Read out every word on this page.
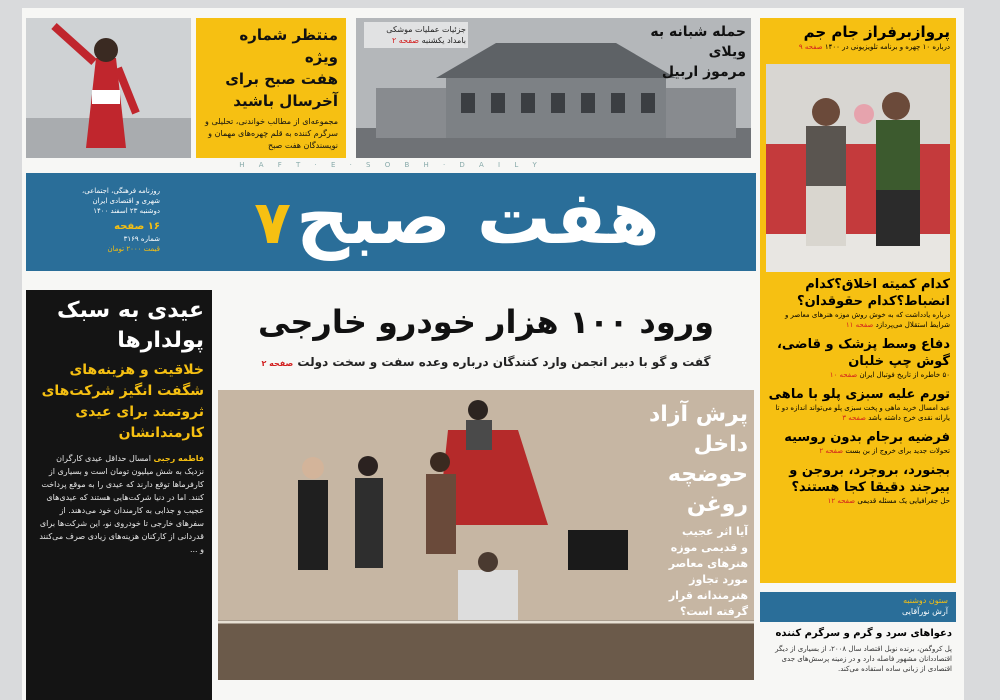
منتظر شماره ویژه
هفت صبح برای
آخرسال باشید
مجموعه‌ای از مطالب خواندنی، تحلیلی و سرگرم کننده به قلم چهره‌های مهمان و نویسندگان هفت صبح
حمله شبانه به ویلای
مرموز اربیل
جزئیات عملیات موشکی بامداد یکشنبه صفحه ۲	پروازبرفراز جام جم
درباره ۱۰ چهره و برنامه تلویزیونی در ۱۴۰۰ صفحه ۹
کدام کمیته اخلاق؟کدام انضباط؟کدام حقوقدان؟
درباره یادداشت که به خوش روش موزه هنرهای معاصر و شرایط استقلال می‌پردازد صفحه ۱۱
دفاع وسط پزشک و قاضی، گوش چپ خلبان
۵۰ خاطره از تاریخ فوتبال ایران صفحه ۱۰
تورم علیه سبزی پلو با ماهی
عید امسال خرید ماهی و پخت سبزی پلو می‌تواند اندازه دو تا یارانه نقدی خرج داشته باشد صفحه ۳
فرضیه برجام بدون روسیه
تحولات جدید برای خروج از بن بست صفحه ۲
بجنورد، بروجرد، بروجن و بیرجند دقیقا کجا هستند؟
حل جغرافیایی یک مسئله قدیمی صفحه ۱۲
H A F T · E · S O B H · D A I L Y
هفت صبح ۷
روزنامه فرهنگی، اجتماعی،
شهری و اقتصادی ایران
دوشنبه ۲۳ اسفند ۱۴۰۰
۱۶ صفحه
شماره ۳۱۶۹
قیمت ۲۰۰۰ تومان
عیدی به سبک
پولدارها
خلاقیت و هزینه‌های
شگفت انگیز شرکت‌های
ثروتمند برای عیدی
کارمندانشان
فاطمه رجبی امسال حداقل عیدی کارگران نزدیک به شش میلیون تومان است و بسیاری از کارفرماها توقع دارند که عیدی را به موقع پرداخت کنند. اما در دنیا شرکت‌هایی هستند که عیدی‌های عجیب و جذابی به کارمندان خود می‌دهند. از سفرهای خارجی تا خودروی نو، این شرکت‌ها برای قدردانی از کارکنان هزینه‌های زیادی صرف می‌کنند و ...
ورود ۱۰۰ هزار خودرو خارجی
گفت و گو با دبیر انجمن وارد کنندگان درباره وعده سفت و سخت دولت صفحه ۲
پرش آزاد
داخل
حوضچه
روغن
آیا اثر عجیب
و قدیمی موزه
هنرهای معاصر
مورد تجاوز
هنرمندانه قرار
گرفته است؟
ستون دوشنبه
آرش نورآقایی
دعواهای سرد و گرم و سرگرم کننده
پل کروگمن، برنده نوبل اقتصاد سال ۲۰۰۸، از بسیاری از دیگر اقتصاددانان مشهور فاصله دارد و در زمینه پرسش‌های جدی اقتصادی از زبانی ساده استفاده می‌کند.
